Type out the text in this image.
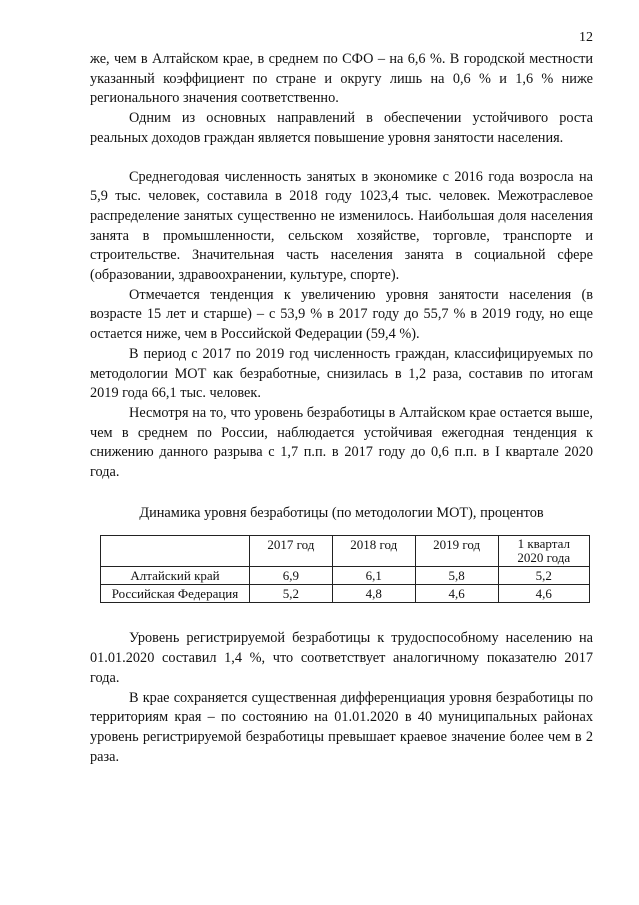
12

же, чем в Алтайском крае, в среднем по СФО – на 6,6 %. В городской местности указанный коэффициент по стране и округу лишь на 0,6 % и 1,6 % ниже регионального значения соответственно.

Одним из основных направлений в обеспечении устойчивого роста реальных доходов граждан является повышение уровня занятости населения.

Среднегодовая численность занятых в экономике с 2016 года возросла на 5,9 тыс. человек, составила в 2018 году 1023,4 тыс. человек. Межотраслевое распределение занятых существенно не изменилось. Наибольшая доля населения занята в промышленности, сельском хозяйстве, торговле, транспорте и строительстве. Значительная часть населения занята в социальной сфере (образовании, здравоохранении, культуре, спорте).

Отмечается тенденция к увеличению уровня занятости населения (в возрасте 15 лет и старше) – с 53,9 % в 2017 году до 55,7 % в 2019 году, но еще остается ниже, чем в Российской Федерации (59,4 %).

В период с 2017 по 2019 год численность граждан, классифицируемых по методологии МОТ как безработные, снизилась в 1,2 раза, составив по итогам 2019 года 66,1 тыс. человек.

Несмотря на то, что уровень безработицы в Алтайском крае остается выше, чем в среднем по России, наблюдается устойчивая ежегодная тенденция к снижению данного разрыва с 1,7 п.п. в 2017 году до 0,6 п.п. в I квартале 2020 года.

Динамика уровня безработицы (по методологии МОТ), процентов

	2017 год	2018 год	2019 год	1 квартал
2020 года

Алтайский край	6,9	6,1	5,8	5,2
Российская Федерация	5,2	4,8	4,6	4,6

Уровень регистрируемой безработицы к трудоспособному населению на 01.01.2020 составил 1,4 %, что соответствует аналогичному показателю 2017 года.

В крае сохраняется существенная дифференциация уровня безработицы по территориям края – по состоянию на 01.01.2020 в 40 муниципальных районах уровень регистрируемой безработицы превышает краевое значение более чем в 2 раза.
